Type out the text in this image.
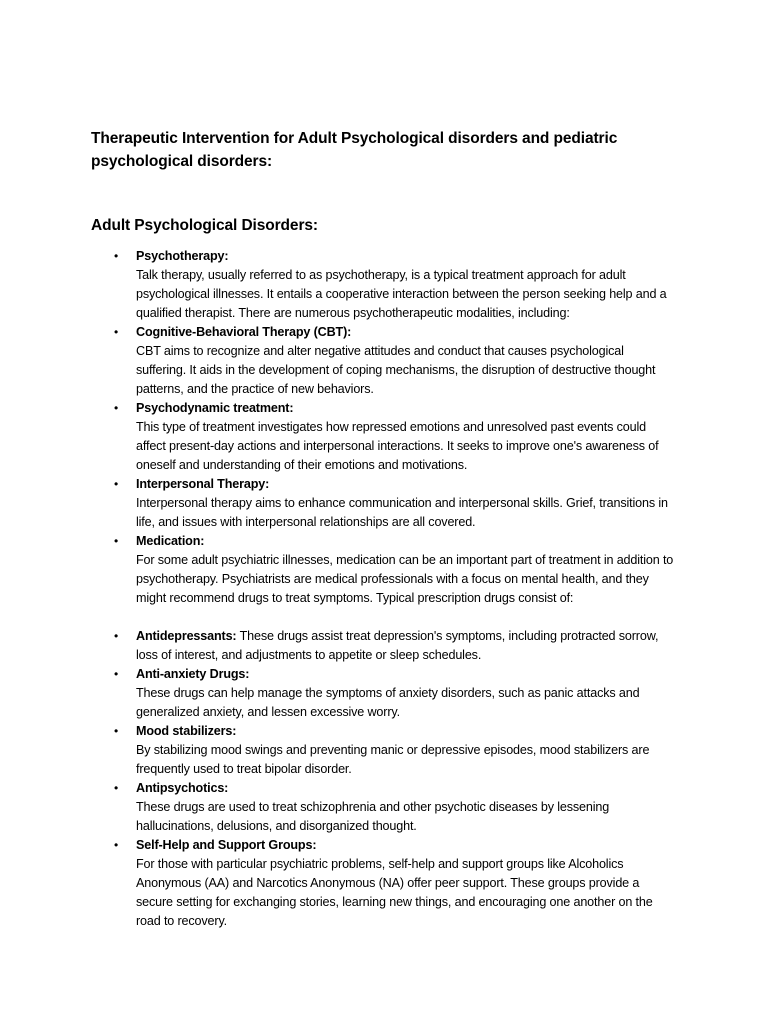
Therapeutic Intervention for Adult Psychological disorders and pediatric psychological disorders:
Adult Psychological Disorders:
•	Psychotherapy:
Talk therapy, usually referred to as psychotherapy, is a typical treatment approach for adult psychological illnesses. It entails a cooperative interaction between the person seeking help and a qualified therapist. There are numerous psychotherapeutic modalities, including:
•	Cognitive-Behavioral Therapy (CBT):
CBT aims to recognize and alter negative attitudes and conduct that causes psychological suffering. It aids in the development of coping mechanisms, the disruption of destructive thought patterns, and the practice of new behaviors.
•	Psychodynamic treatment:
This type of treatment investigates how repressed emotions and unresolved past events could affect present-day actions and interpersonal interactions. It seeks to improve one's awareness of oneself and understanding of their emotions and motivations.
•	Interpersonal Therapy:
Interpersonal therapy aims to enhance communication and interpersonal skills. Grief, transitions in life, and issues with interpersonal relationships are all covered.
•	Medication:
For some adult psychiatric illnesses, medication can be an important part of treatment in addition to psychotherapy. Psychiatrists are medical professionals with a focus on mental health, and they might recommend drugs to treat symptoms. Typical prescription drugs consist of:
•	Antidepressants: These drugs assist treat depression's symptoms, including protracted sorrow, loss of interest, and adjustments to appetite or sleep schedules.
•	Anti-anxiety Drugs:
These drugs can help manage the symptoms of anxiety disorders, such as panic attacks and generalized anxiety, and lessen excessive worry.
•	Mood stabilizers:
By stabilizing mood swings and preventing manic or depressive episodes, mood stabilizers are frequently used to treat bipolar disorder.
•	Antipsychotics:
These drugs are used to treat schizophrenia and other psychotic diseases by lessening hallucinations, delusions, and disorganized thought.
•	Self-Help and Support Groups:
For those with particular psychiatric problems, self-help and support groups like Alcoholics Anonymous (AA) and Narcotics Anonymous (NA) offer peer support. These groups provide a secure setting for exchanging stories, learning new things, and encouraging one another on the road to recovery.
